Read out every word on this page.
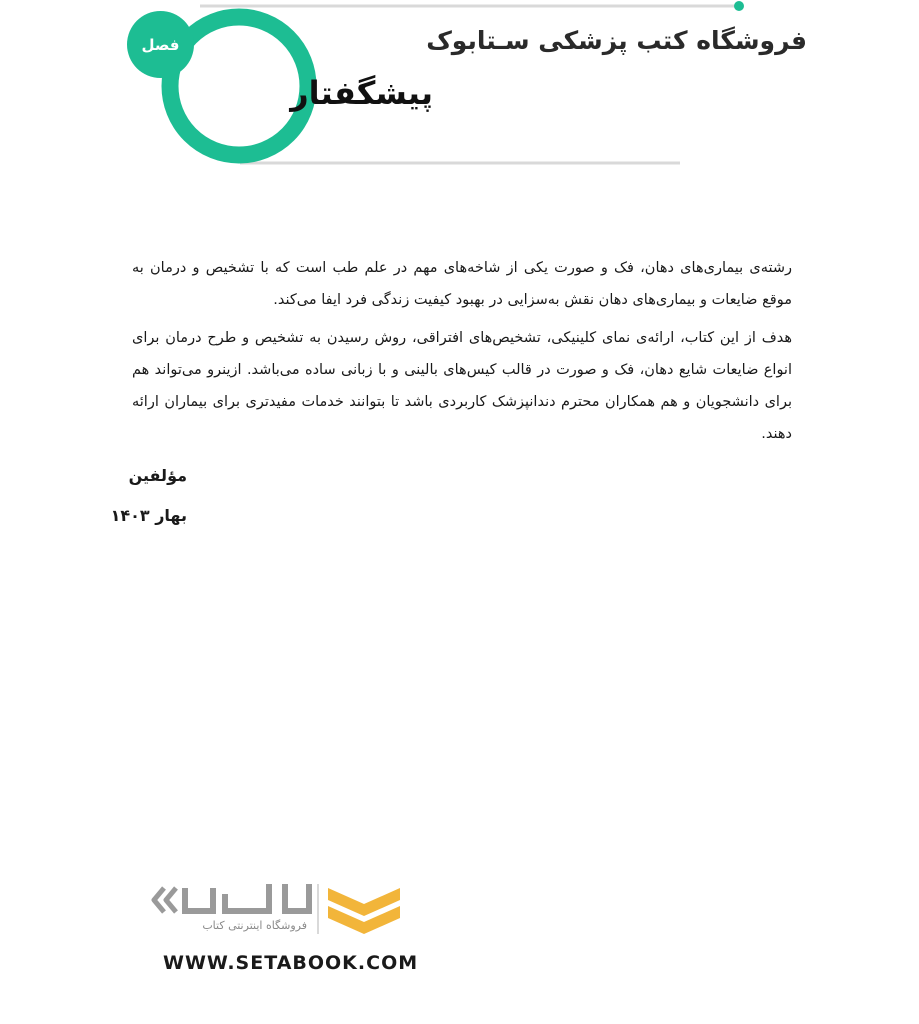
فصل	فروشگاه کتب پزشکی سـتابوک
پیشگفتار

رشته‌ی بیماری‌های دهان، فک و صورت یکی از شاخه‌های مهم در علم طب است که با تشخیص و درمان به موقع ضایعات و بیماری‌های دهان نقش به‌سزایی در بهبود کیفیت زندگی فرد ایفا می‌کند.

هدف از این کتاب، ارائه‌ی نمای کلینیکی، تشخیص‌های افتراقی، روش رسیدن به تشخیص و طرح درمان برای انواع ضایعات شایع دهان، فک و صورت در قالب کیس‌های بالینی و با زبانی ساده می‌باشد. ازینرو می‌تواند هم برای دانشجویان و هم همکاران محترم دندانپزشک کاربردی باشد تا بتوانند خدمات مفیدتری برای بیماران ارائه دهند.

مؤلفین
بهار ۱۴۰۳
فروشگاه اینترنتی کتاب
WWW.SETABOOK.COM
